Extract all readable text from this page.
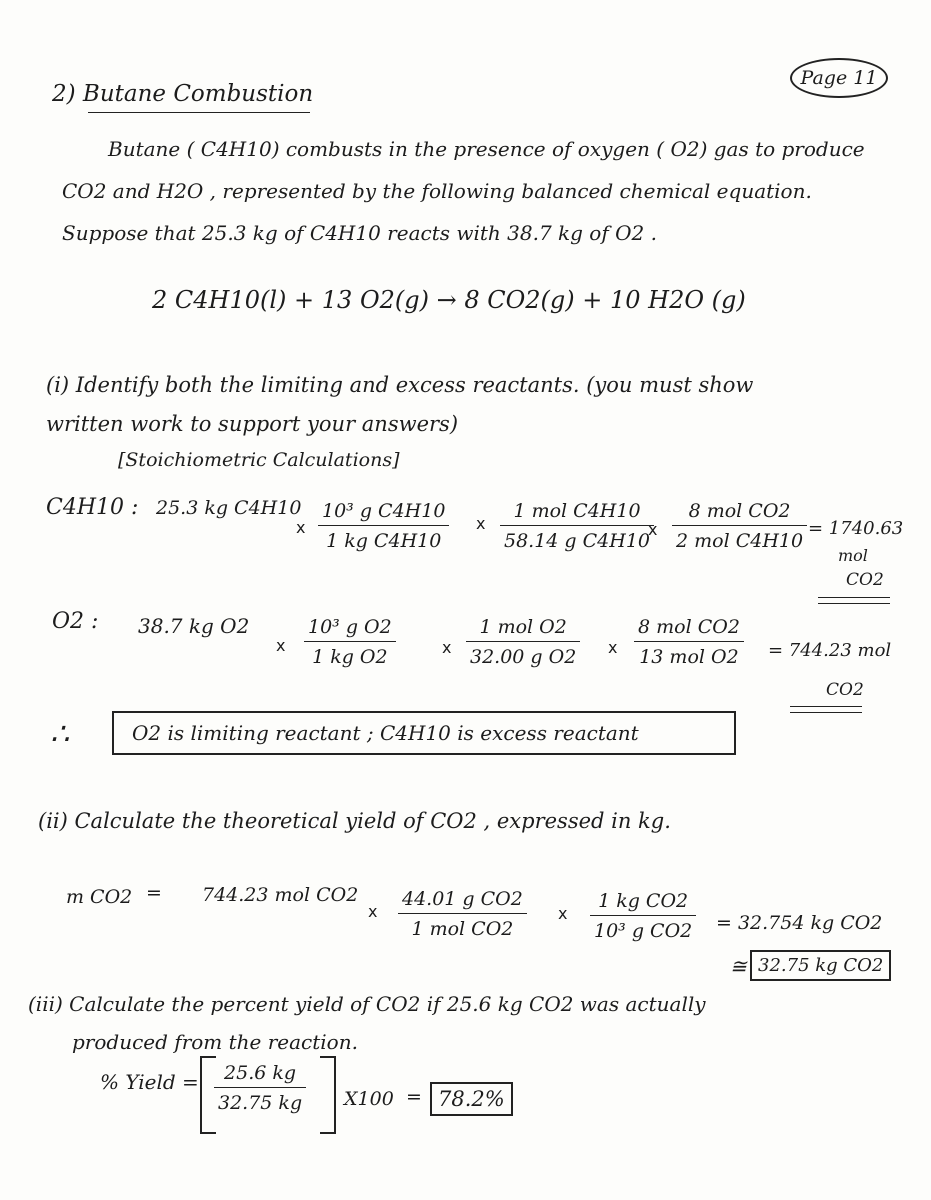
Page 11
2) Butane Combustion
Butane ( C4H10) combusts in the presence of oxygen ( O2) gas to produce CO2 and H2O , represented by the following balanced chemical equation. Suppose that 25.3 kg of C4H10 reacts with 38.7 kg of O2 .
2 C4H10(l) + 13 O2(g) → 8 CO2(g) + 10 H2O (g)
(i) Identify both the limiting and excess reactants. (you must show
written work to support your answers)
[Stoichiometric Calculations]
C4H10 : 25.3 kg C4H10
x $\frac{\text{10³ g C4H10}}{\text{1 kg C4H10}}$ x
1 mol C4H10
58.14 g C4H10
x
8 mol CO2
2 mol C4H10
= 1740.63
mol
CO2
O2 : 38.7 kg O2
x $\frac{\text{10³ g O2}}{\text{1 kg O2}}$	x
1 mol O2
32.00 g O2 x
8 mol CO2
13 mol O2 = 744.23 mol
CO2
∴	O2 is limiting reactant ; C4H10 is excess reactant
(ii) Calculate the theoretical yield of CO2 , expressed in kg.
m CO2 = 744.23 mol CO2
x
44.01 g CO2
1 mol CO2
x $\frac{\text{1 kg CO2}}{\text{10³ g CO2}} = 32.754$ kg CO2
≅ 32.75 kg CO2
(iii) Calculate the percent yield of CO2 if 25.6 kg CO2 was actually
produced from the reaction.
% Yield = $\frac{25.6 kg}{32.75 kg} X100 = 78.2\%$
